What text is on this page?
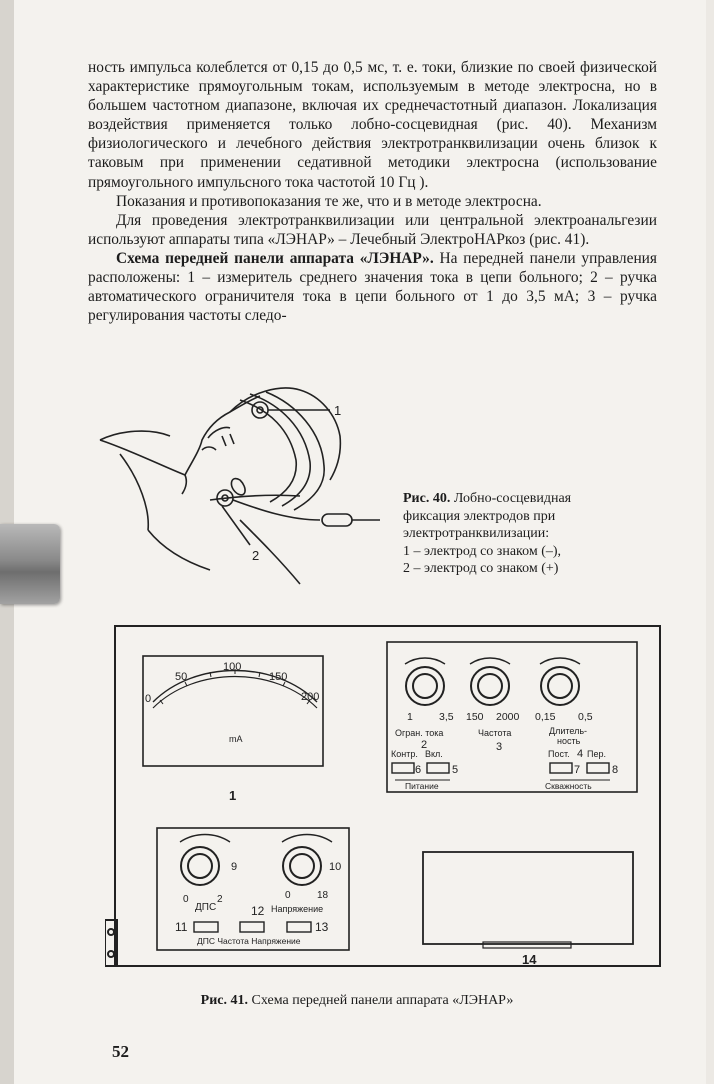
ность импульса колеблется от 0,15 до 0,5 мс, т. е. токи, близкие по своей физической характеристике прямоугольным токам, используемым в методе электросна, но в большем частотном диапазоне, включая их среднечастотный диапазон. Локализация воздействия применяется только лобно-сосцевидная (рис. 40). Механизм физиологического и лечебного действия электротранквилизации очень близок к таковым при применении седативной методики электросна (использование прямоугольного импульсного тока частотой 10 Гц ).

Показания и противопоказания те же, что и в методе электросна.

Для проведения электротранквилизации или центральной электроанальгезии используют аппараты типа «ЛЭНАР» – Лечебный ЭлектроНАРкоз (рис. 41).

Схема передней панели аппарата «ЛЭНАР». На передней панели управления расположены: 1 – измеритель среднего значения тока в цепи больного; 2 – ручка автоматического ограничителя тока в цепи больного от 1 до 3,5 мА; 3 – ручка регулирования частоты следо-

1
2
Рис. 40. Лобно-сосцевидная
фиксация электродов при
электротранквилизации:
1 – электрод со знаком (–),
2 – электрод со знаком (+)
0
50
100
150
200
mA
1
1 3,5 150 2000 0,15 0,5
Огран. тока	Частота	Длитель-
ность
2	3
4
Контр. Вкл.	Пост. Пер.
6	5	7	8
Питание	Скважность
9	10
0	2
ДПС
0	18
12 Напряжение
11	13
ДПС Частота Напряжение
14
Рис. 41. Схема передней панели аппарата «ЛЭНАР»
52
